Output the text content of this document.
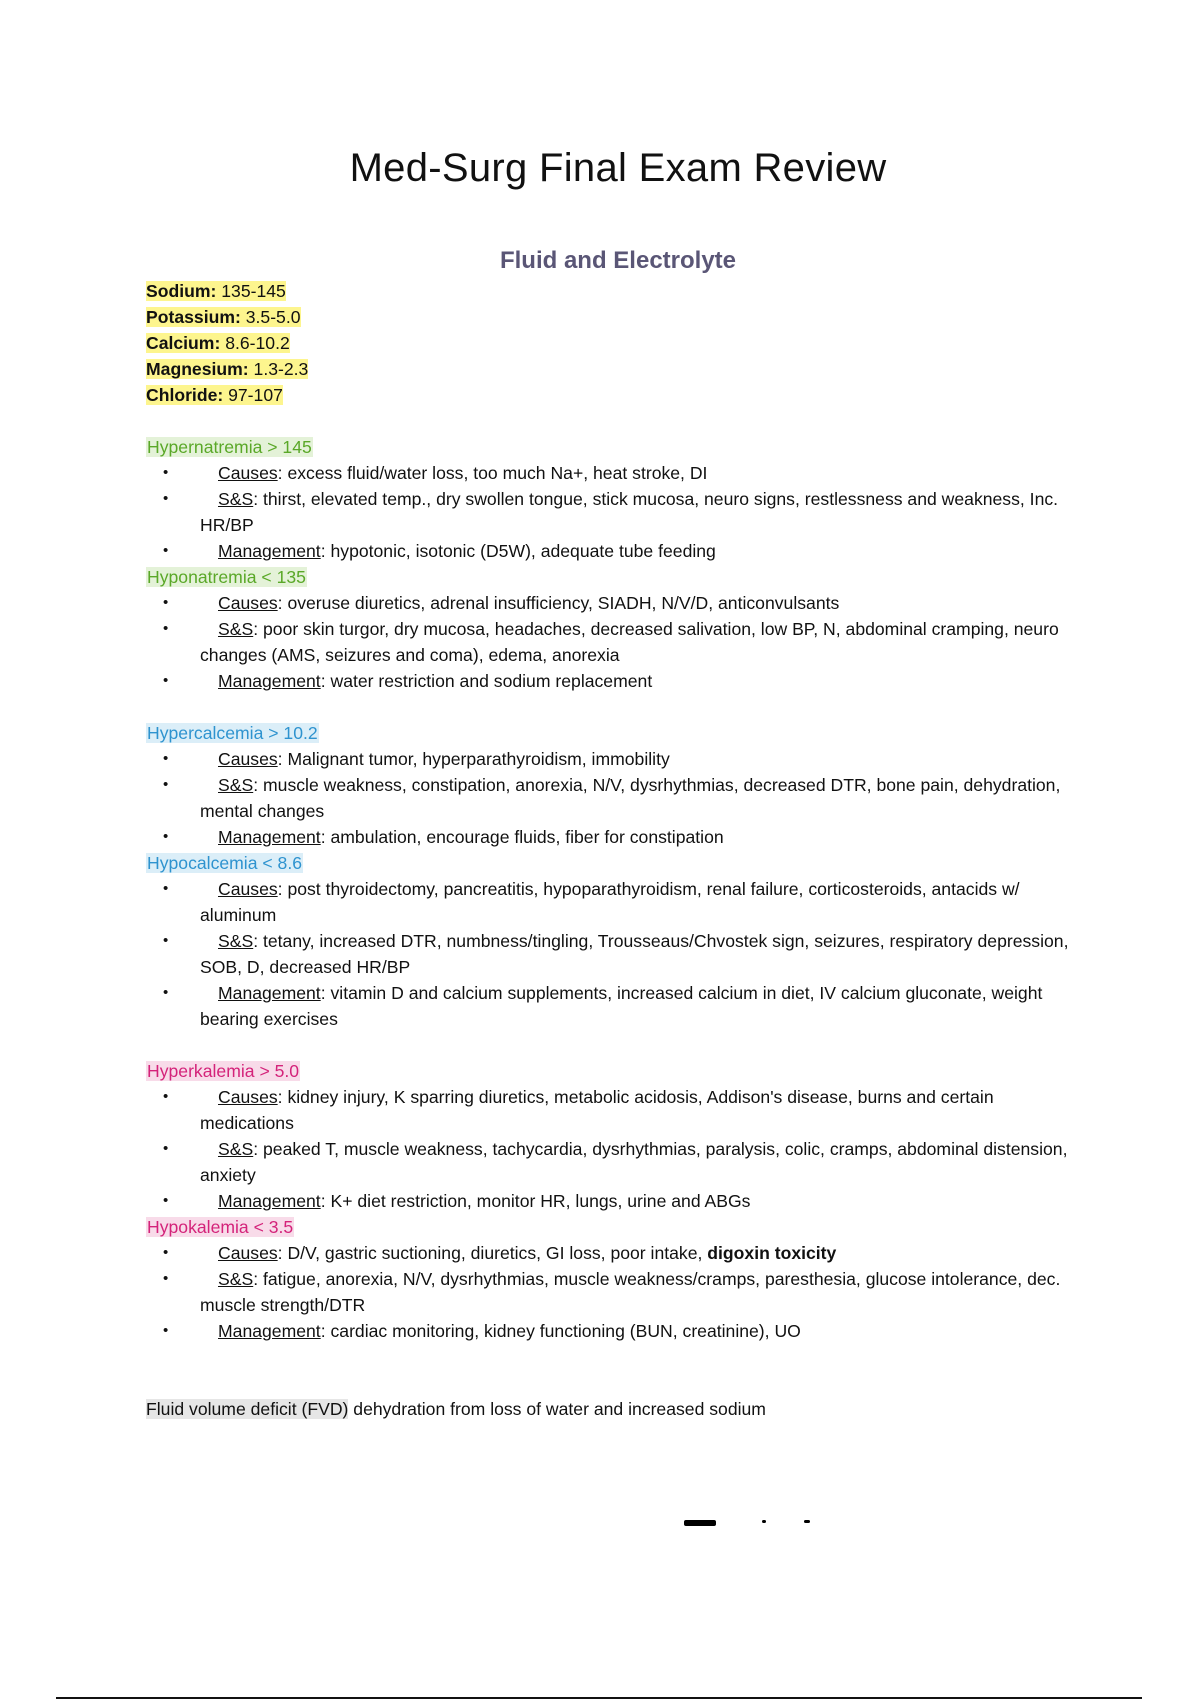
Med-Surg Final Exam Review
Fluid and Electrolyte

Sodium: 135-145

Potassium: 3.5-5.0

Calcium: 8.6-10.2

Magnesium: 1.3-2.3

Chloride: 97-107

Hypernatremia > 145

•	Causes: excess fluid/water loss, too much Na+, heat stroke, DI
•	S&S: thirst, elevated temp., dry swollen tongue, stick mucosa, neuro signs, restlessness and weakness, Inc. HR/BP
•	Management: hypotonic, isotonic (D5W), adequate tube feeding

Hyponatremia < 135

•	Causes: overuse diuretics, adrenal insufficiency, SIADH, N/V/D, anticonvulsants
•	S&S: poor skin turgor, dry mucosa, headaches, decreased salivation, low BP, N, abdominal cramping, neuro changes (AMS, seizures and coma), edema, anorexia
•	Management: water restriction and sodium replacement

Hypercalcemia > 10.2

•	Causes: Malignant tumor, hyperparathyroidism, immobility
•	S&S: muscle weakness, constipation, anorexia, N/V, dysrhythmias, decreased DTR, bone pain, dehydration, mental changes
•	Management: ambulation, encourage fluids, fiber for constipation

Hypocalcemia < 8.6

•	Causes: post thyroidectomy, pancreatitis, hypoparathyroidism, renal failure, corticosteroids, antacids w/ aluminum
•	S&S: tetany, increased DTR, numbness/tingling, Trousseaus/Chvostek sign, seizures, respiratory depression, SOB, D, decreased HR/BP
•	Management: vitamin D and calcium supplements, increased calcium in diet, IV calcium gluconate, weight bearing exercises

Hyperkalemia > 5.0

•	Causes: kidney injury, K sparring diuretics, metabolic acidosis, Addison's disease, burns and certain medications
•	S&S: peaked T, muscle weakness, tachycardia, dysrhythmias, paralysis, colic, cramps, abdominal distension, anxiety
•	Management: K+ diet restriction, monitor HR, lungs, urine and ABGs

Hypokalemia < 3.5

•	Causes: D/V, gastric suctioning, diuretics, GI loss, poor intake, digoxin toxicity
•	S&S: fatigue, anorexia, N/V, dysrhythmias, muscle weakness/cramps, paresthesia, glucose intolerance, dec. muscle strength/DTR
•	Management: cardiac monitoring, kidney functioning (BUN, creatinine), UO

Fluid volume deficit (FVD) dehydration from loss of water and increased sodium
